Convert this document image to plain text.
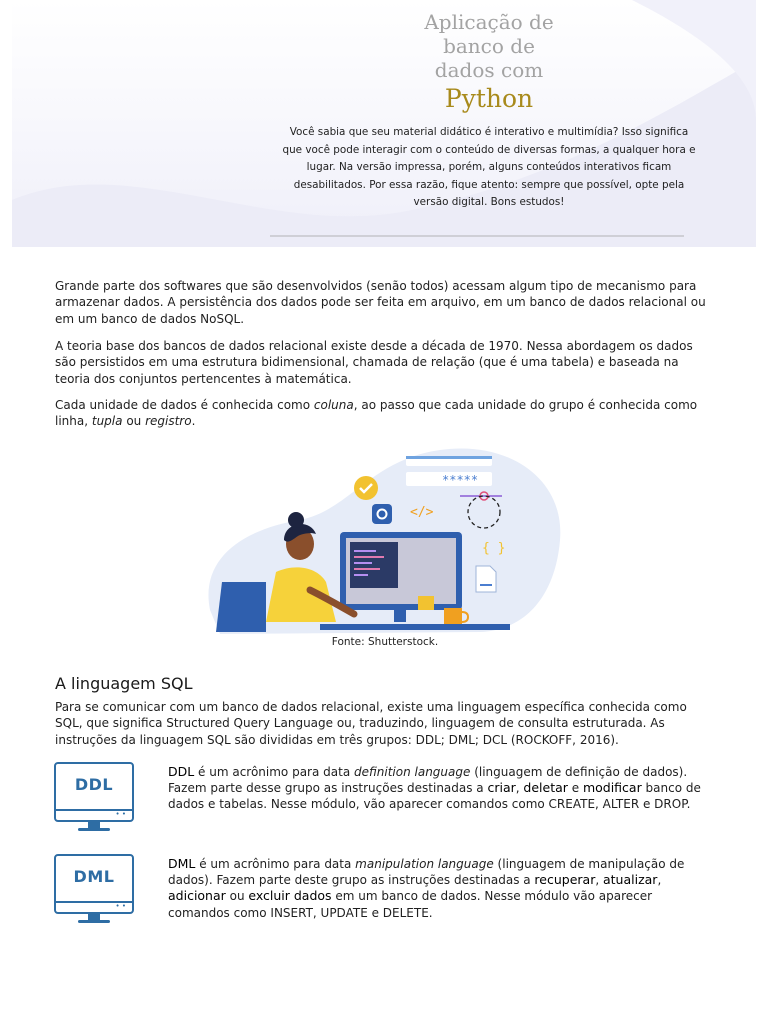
Aplicação de
banco de
dados com
Python
Você sabia que seu material didático é interativo e multimídia? Isso significa que você pode interagir com o conteúdo de diversas formas, a qualquer hora e lugar. Na versão impressa, porém, alguns conteúdos interativos ficam desabilitados. Por essa razão, fique atento: sempre que possível, opte pela versão digital. Bons estudos!

Grande parte dos softwares que são desenvolvidos (senão todos) acessam algum tipo de mecanismo para armazenar dados. A persistência dos dados pode ser feita em arquivo, em um banco de dados relacional ou em um banco de dados NoSQL.

A teoria base dos bancos de dados relacional existe desde a década de 1970. Nessa abordagem os dados são persistidos em uma estrutura bidimensional, chamada de relação (que é uma tabela) e baseada na teoria dos conjuntos pertencentes à matemática.

Cada unidade de dados é conhecida como coluna, ao passo que cada unidade do grupo é conhecida como linha, tupla ou registro.

*****
</>
{ }
Fonte: Shutterstock.
A linguagem SQL

Para se comunicar com um banco de dados relacional, existe uma linguagem específica conhecida como SQL, que significa Structured Query Language ou, traduzindo, linguagem de consulta estruturada. As instruções da linguagem SQL são divididas em três grupos: DDL; DML; DCL (ROCKOFF, 2016).

DDL
• •

DDL é um acrônimo para data definition language (linguagem de definição de dados). Fazem parte desse grupo as instruções destinadas a criar, deletar e modificar banco de dados e tabelas. Nesse módulo, vão aparecer comandos como CREATE, ALTER e DROP.

DML
• •

DML é um acrônimo para data manipulation language (linguagem de manipulação de dados). Fazem parte deste grupo as instruções destinadas a recuperar, atualizar, adicionar ou excluir dados em um banco de dados. Nesse módulo vão aparecer comandos como INSERT, UPDATE e DELETE.
